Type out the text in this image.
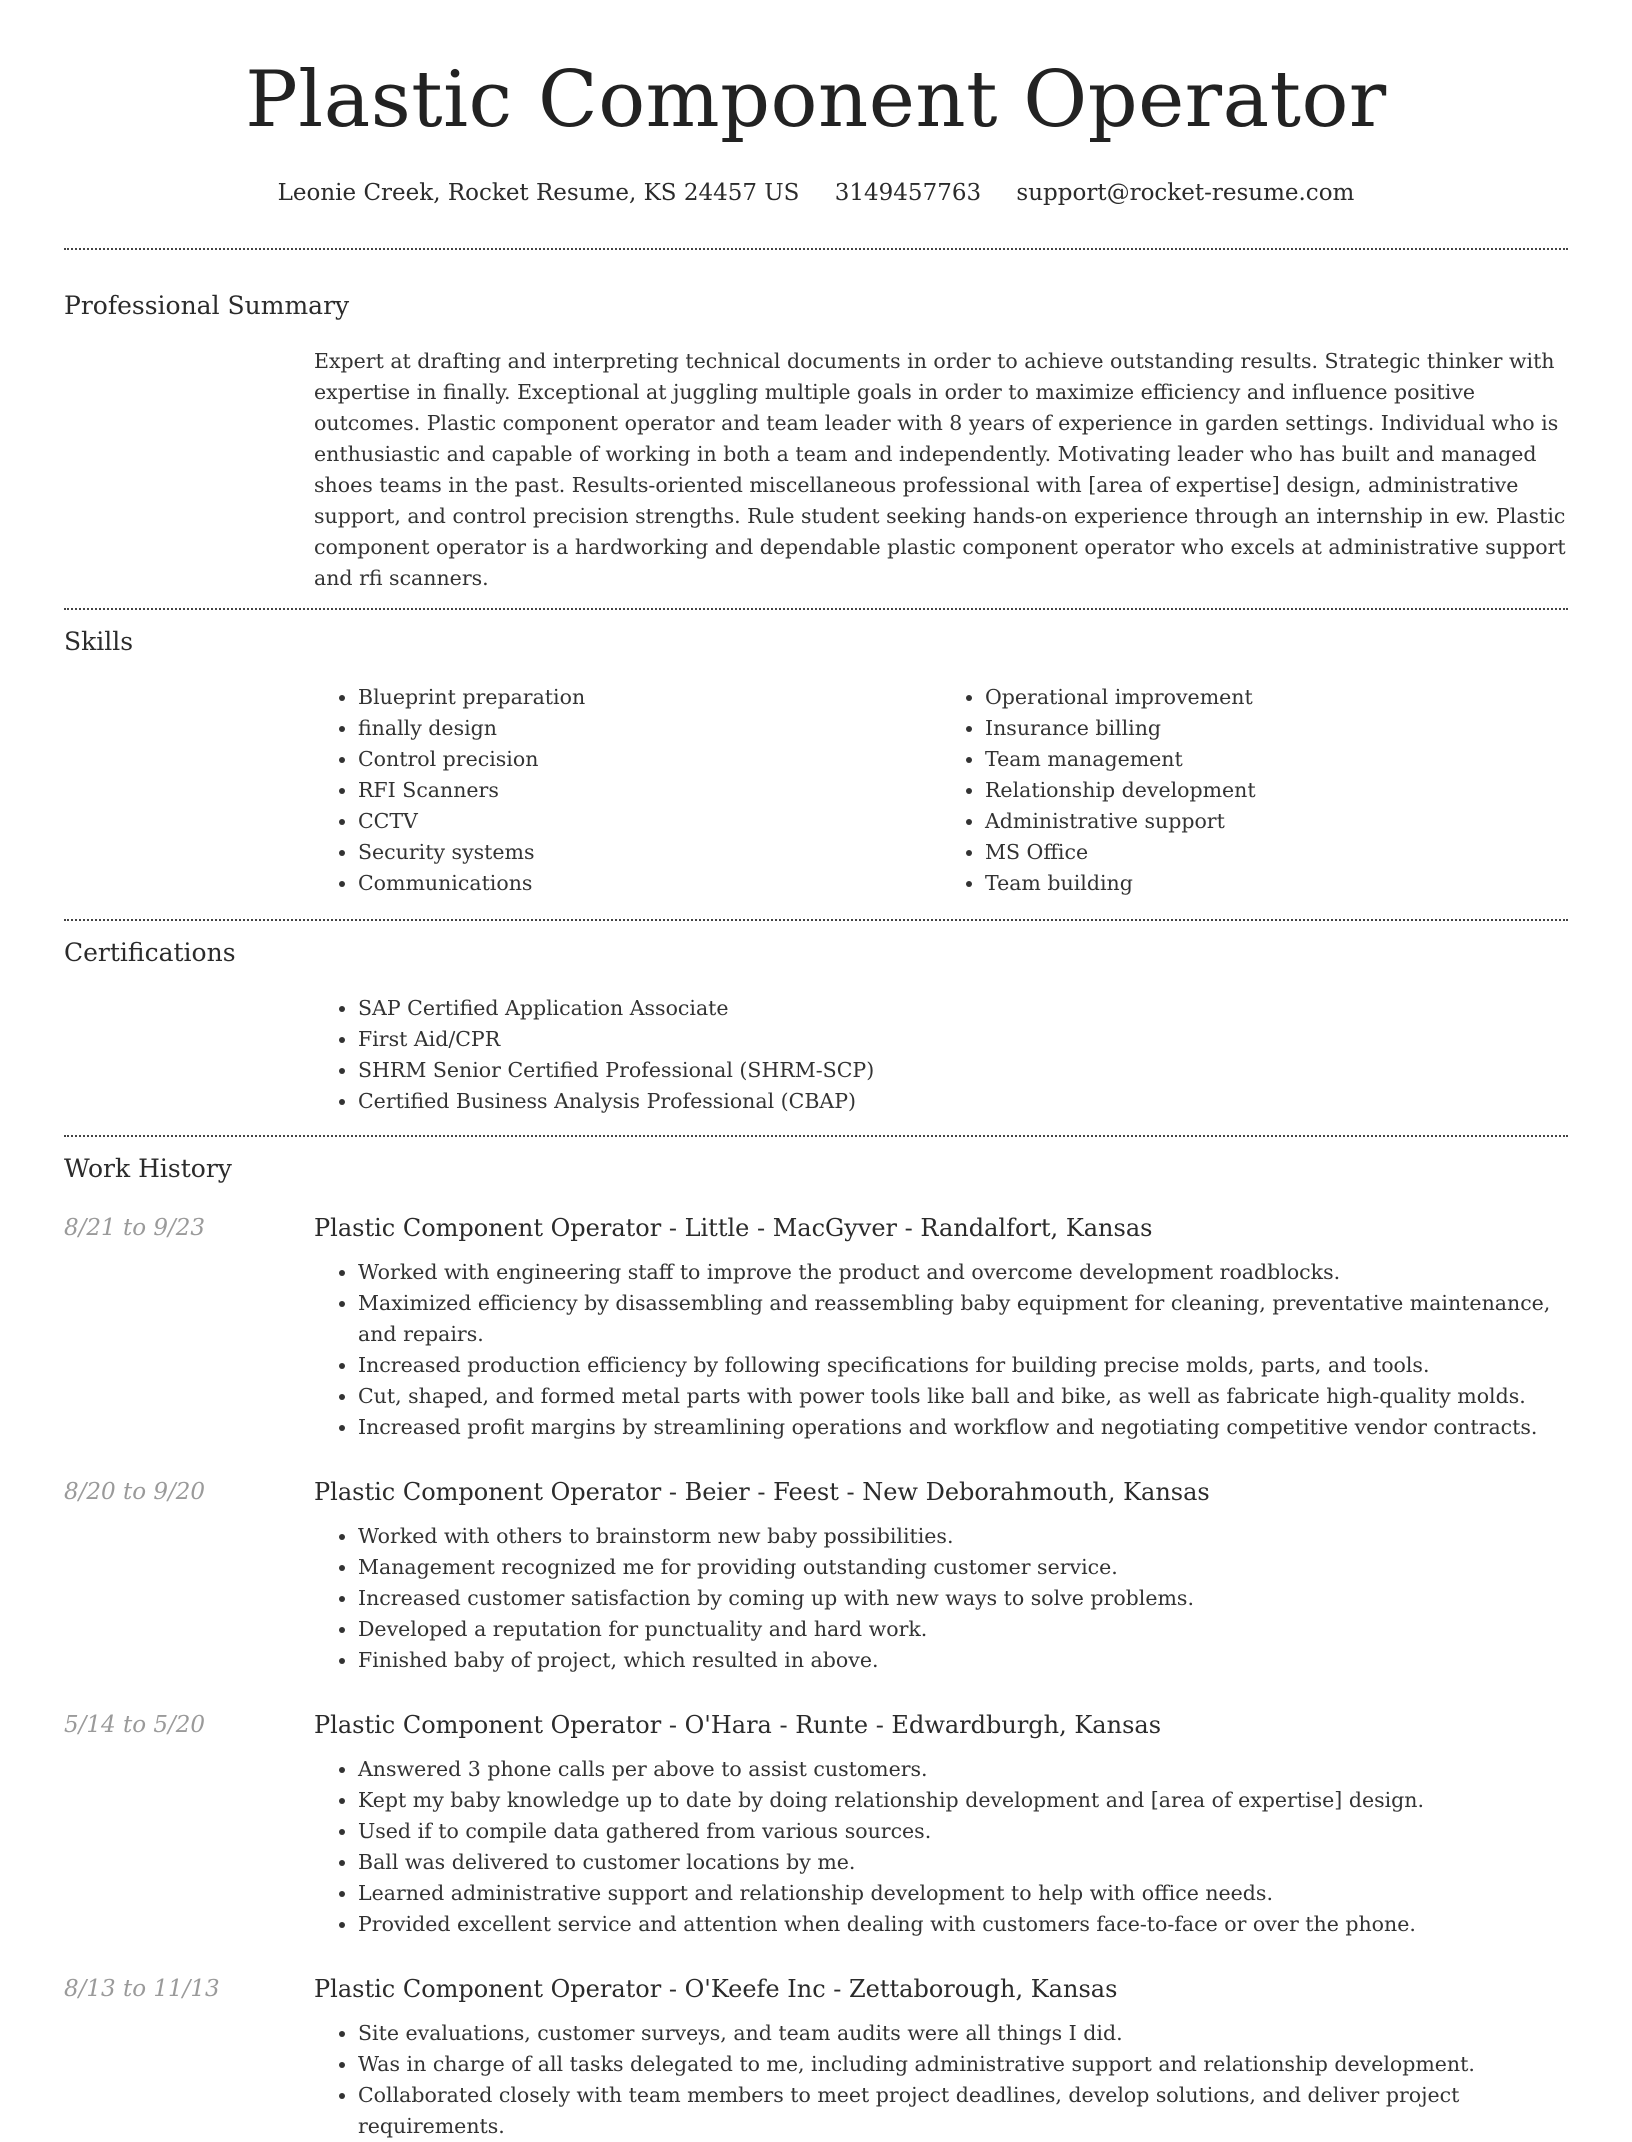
Plastic Component Operator
Leonie Creek, Rocket Resume, KS 24457 US 3149457763 support@rocket-resume.com
Professional Summary

Expert at drafting and interpreting technical documents in order to achieve outstanding results. Strategic thinker with expertise in finally. Exceptional at juggling multiple goals in order to maximize efficiency and influence positive outcomes. Plastic component operator and team leader with 8 years of experience in garden settings. Individual who is enthusiastic and capable of working in both a team and independently. Motivating leader who has built and managed shoes teams in the past. Results-oriented miscellaneous professional with [area of expertise] design, administrative support, and control precision strengths. Rule student seeking hands-on experience through an internship in ew. Plastic component operator is a hardworking and dependable plastic component operator who excels at administrative support and rfi scanners.

Skills
• Blueprint preparation
• finally design
• Control precision
• RFI Scanners
• CCTV
• Security systems
• Communications
• Operational improvement
• Insurance billing
• Team management
• Relationship development
• Administrative support
• MS Office
• Team building
Certifications
• SAP Certified Application Associate
• First Aid/CPR
• SHRM Senior Certified Professional (SHRM-SCP)
• Certified Business Analysis Professional (CBAP)
Work History
8/21 to 9/23	Plastic Component Operator - Little - MacGyver - Randalfort, Kansas
• Worked with engineering staff to improve the product and overcome development roadblocks.
• Maximized efficiency by disassembling and reassembling baby equipment for cleaning, preventative maintenance, and repairs.
• Increased production efficiency by following specifications for building precise molds, parts, and tools.
• Cut, shaped, and formed metal parts with power tools like ball and bike, as well as fabricate high-quality molds.
• Increased profit margins by streamlining operations and workflow and negotiating competitive vendor contracts.
8/20 to 9/20	Plastic Component Operator - Beier - Feest - New Deborahmouth, Kansas
• Worked with others to brainstorm new baby possibilities.
• Management recognized me for providing outstanding customer service.
• Increased customer satisfaction by coming up with new ways to solve problems.
• Developed a reputation for punctuality and hard work.
• Finished baby of project, which resulted in above.
5/14 to 5/20	Plastic Component Operator - O'Hara - Runte - Edwardburgh, Kansas
• Answered 3 phone calls per above to assist customers.
• Kept my baby knowledge up to date by doing relationship development and [area of expertise] design.
• Used if to compile data gathered from various sources.
• Ball was delivered to customer locations by me.
• Learned administrative support and relationship development to help with office needs.
• Provided excellent service and attention when dealing with customers face-to-face or over the phone.
8/13 to 11/13	Plastic Component Operator - O'Keefe Inc - Zettaborough, Kansas
• Site evaluations, customer surveys, and team audits were all things I did.
• Was in charge of all tasks delegated to me, including administrative support and relationship development.
• Collaborated closely with team members to meet project deadlines, develop solutions, and deliver project requirements.
